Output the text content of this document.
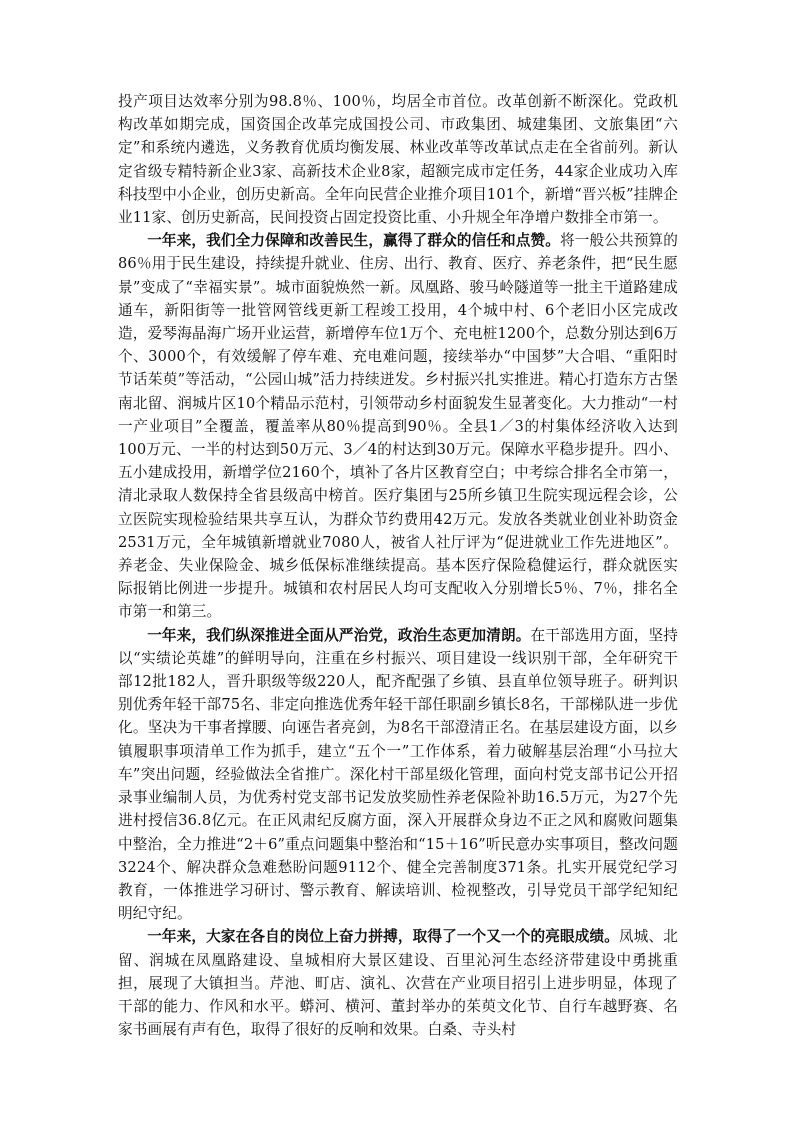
投产项目达效率分别为98.8％、100％，均居全市首位。改革创新不断深化。党政机构改革如期完成，国资国企改革完成国投公司、市政集团、城建集团、文旅集团“六定”和系统内遴选，义务教育优质均衡发展、林业改革等改革试点走在全省前列。新认定省级专精特新企业3家、高新技术企业8家，超额完成市定任务，44家企业成功入库科技型中小企业，创历史新高。全年向民营企业推介项目101个，新增“晋兴板”挂牌企业11家、创历史新高，民间投资占固定投资比重、小升规全年净增户数排全市第一。

一年来，我们全力保障和改善民生，赢得了群众的信任和点赞。将一般公共预算的86％用于民生建设，持续提升就业、住房、出行、教育、医疗、养老条件，把“民生愿景”变成了“幸福实景”。城市面貌焕然一新。凤凰路、骏马岭隧道等一批主干道路建成通车，新阳街等一批管网管线更新工程竣工投用，4个城中村、6个老旧小区完成改造，爱琴海晶海广场开业运营，新增停车位1万个、充电桩1200个，总数分别达到6万个、3000个，有效缓解了停车难、充电难问题，接续举办“中国梦”大合唱、“重阳时节话茱萸”等活动，“公园山城”活力持续迸发。乡村振兴扎实推进。精心打造东方古堡南北留、润城片区10个精品示范村，引领带动乡村面貌发生显著变化。大力推动“一村一产业项目”全覆盖，覆盖率从80％提高到90％。全县1／3的村集体经济收入达到100万元、一半的村达到50万元、3／4的村达到30万元。保障水平稳步提升。四小、五小建成投用，新增学位2160个，填补了各片区教育空白；中考综合排名全市第一，清北录取人数保持全省县级高中榜首。医疗集团与25所乡镇卫生院实现远程会诊，公立医院实现检验结果共享互认，为群众节约费用42万元。发放各类就业创业补助资金2531万元，全年城镇新增就业7080人，被省人社厅评为“促进就业工作先进地区”。养老金、失业保险金、城乡低保标准继续提高。基本医疗保险稳健运行，群众就医实际报销比例进一步提升。城镇和农村居民人均可支配收入分别增长5％、7％，排名全市第一和第三。

一年来，我们纵深推进全面从严治党，政治生态更加清朗。在干部选用方面，坚持以“实绩论英雄”的鲜明导向，注重在乡村振兴、项目建设一线识别干部，全年研究干部12批182人，晋升职级等级220人，配齐配强了乡镇、县直单位领导班子。研判识别优秀年轻干部75名、非定向推选优秀年轻干部任职副乡镇长8名，干部梯队进一步优化。坚决为干事者撑腰、向诬告者亮剑，为8名干部澄清正名。在基层建设方面，以乡镇履职事项清单工作为抓手，建立“五个一”工作体系，着力破解基层治理“小马拉大车”突出问题，经验做法全省推广。深化村干部星级化管理，面向村党支部书记公开招录事业编制人员，为优秀村党支部书记发放奖励性养老保险补助16.5万元，为27个先进村授信36.8亿元。在正风肃纪反腐方面，深入开展群众身边不正之风和腐败问题集中整治，全力推进“2＋6”重点问题集中整治和“15＋16”听民意办实事项目，整改问题3224个、解决群众急难愁盼问题9112个、健全完善制度371条。扎实开展党纪学习教育，一体推进学习研讨、警示教育、解读培训、检视整改，引导党员干部学纪知纪明纪守纪。

一年来，大家在各自的岗位上奋力拼搏，取得了一个又一个的亮眼成绩。凤城、北留、润城在凤凰路建设、皇城相府大景区建设、百里沁河生态经济带建设中勇挑重担，展现了大镇担当。芹池、町店、演礼、次营在产业项目招引上进步明显，体现了干部的能力、作风和水平。蟒河、横河、董封举办的茱萸文化节、自行车越野赛、名家书画展有声有色，取得了很好的反响和效果。白桑、寺头村
